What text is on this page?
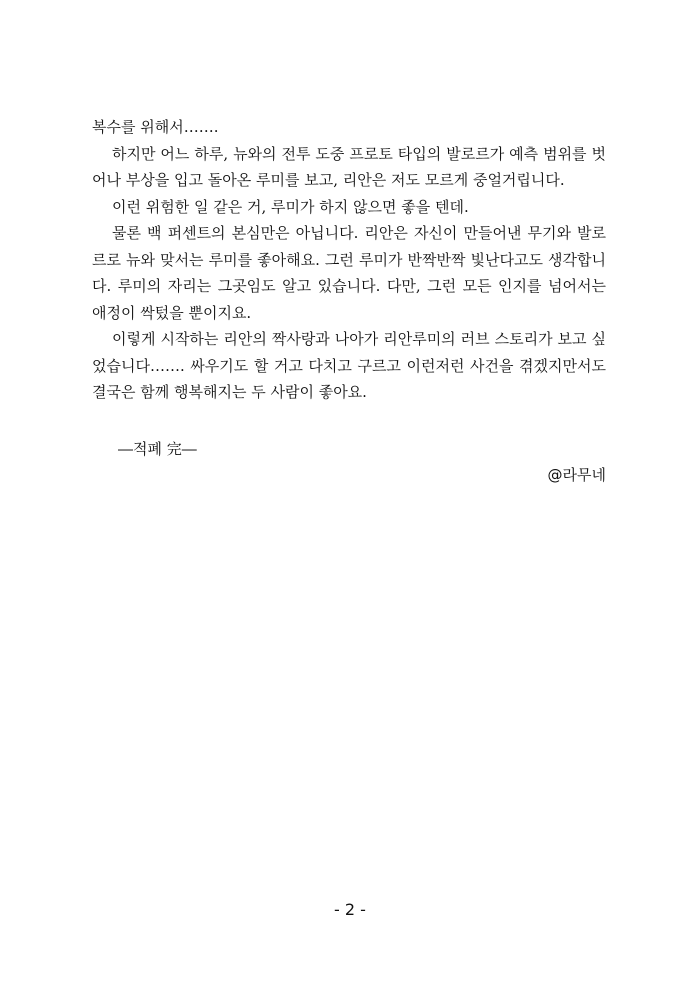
복수를 위해서…….

하지만 어느 하루, 뉴와의 전투 도중 프로토 타입의 발로르가 예측 범위를 벗어나 부상을 입고 돌아온 루미를 보고, 리안은 저도 모르게 중얼거립니다.

이런 위험한 일 같은 거, 루미가 하지 않으면 좋을 텐데.

물론 백 퍼센트의 본심만은 아닙니다. 리안은 자신이 만들어낸 무기와 발로르로 뉴와 맞서는 루미를 좋아해요. 그런 루미가 반짝반짝 빛난다고도 생각합니다. 루미의 자리는 그곳임도 알고 있습니다. 다만, 그런 모든 인지를 넘어서는 애정이 싹텄을 뿐이지요.

이렇게 시작하는 리안의 짝사랑과 나아가 리안루미의 러브 스토리가 보고 싶었습니다……. 싸우기도 할 거고 다치고 구르고 이런저런 사건을 겪겠지만서도 결국은 함께 행복해지는 두 사람이 좋아요.

―적폐 完―
@라무네
- 2 -
